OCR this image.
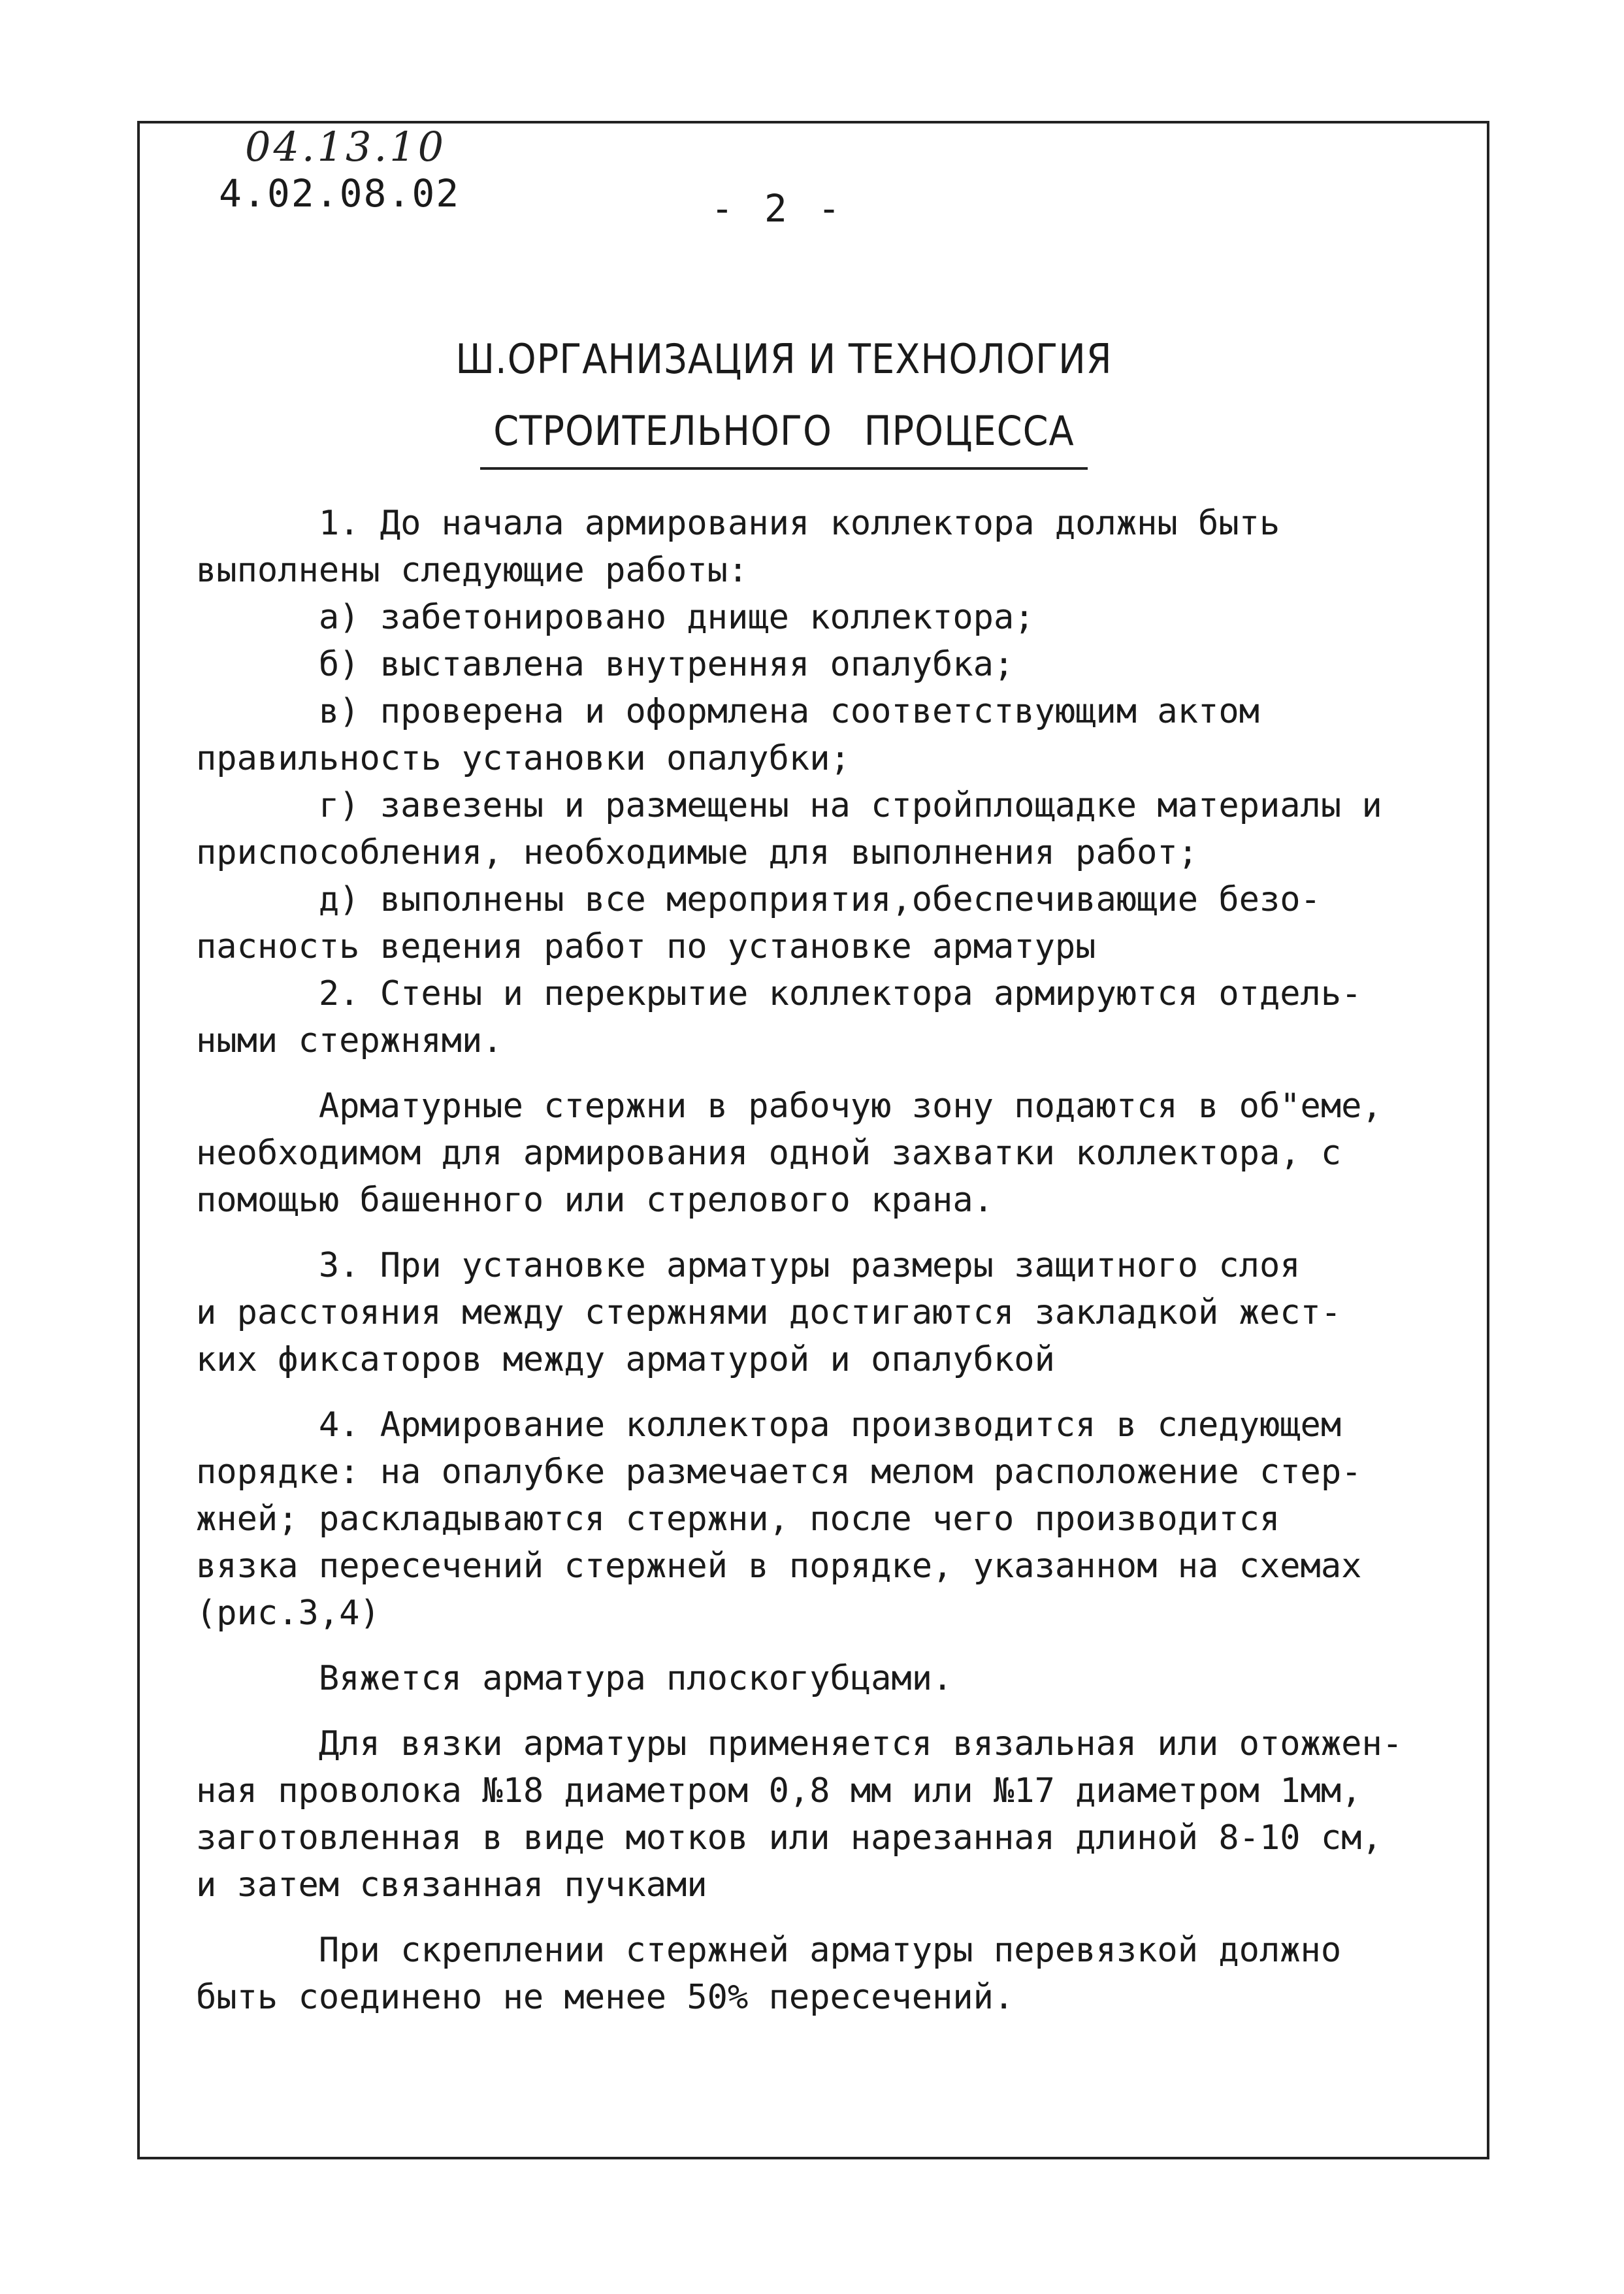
04.13.10
4.02.08.02	- 2 -
Ш.ОРГАНИЗАЦИЯ И ТЕХНОЛОГИЯ
СТРОИТЕЛЬНОГО ПРОЦЕССА

1. До начала армирования коллектора должны быть

выполнены следующие работы:

а) забетонировано днище коллектора;

б) выставлена внутренняя опалубка;

в) проверена и оформлена соответствующим актом

правильность установки опалубки;

г) завезены и размещены на стройплощадке материалы и

приспособления, необходимые для выполнения работ;

д) выполнены все мероприятия,обеспечивающие безо-

пасность ведения работ по установке арматуры

2. Стены и перекрытие коллектора армируются отдель-

ными стержнями.

Арматурные стержни в рабочую зону подаются в об"еме,

необходимом для армирования одной захватки коллектора, с

помощью башенного или стрелового крана.

3. При установке арматуры размеры защитного слоя

и расстояния между стержнями достигаются закладкой жест-

ких фиксаторов между арматурой и опалубкой

4. Армирование коллектора производится в следующем

порядке: на опалубке размечается мелом расположение стер-

жней; раскладываются стержни, после чего производится

вязка пересечений стержней в порядке, указанном на схемах

(рис.3,4)

Вяжется арматура плоскогубцами.

Для вязки арматуры применяется вязальная или отожжен-

ная проволока №18 диаметром 0,8 мм или №17 диаметром 1мм,

заготовленная в виде мотков или нарезанная длиной 8-10 см,

и затем связанная пучками

При скреплении стержней арматуры перевязкой должно

быть соединено не менее 50% пересечений.
